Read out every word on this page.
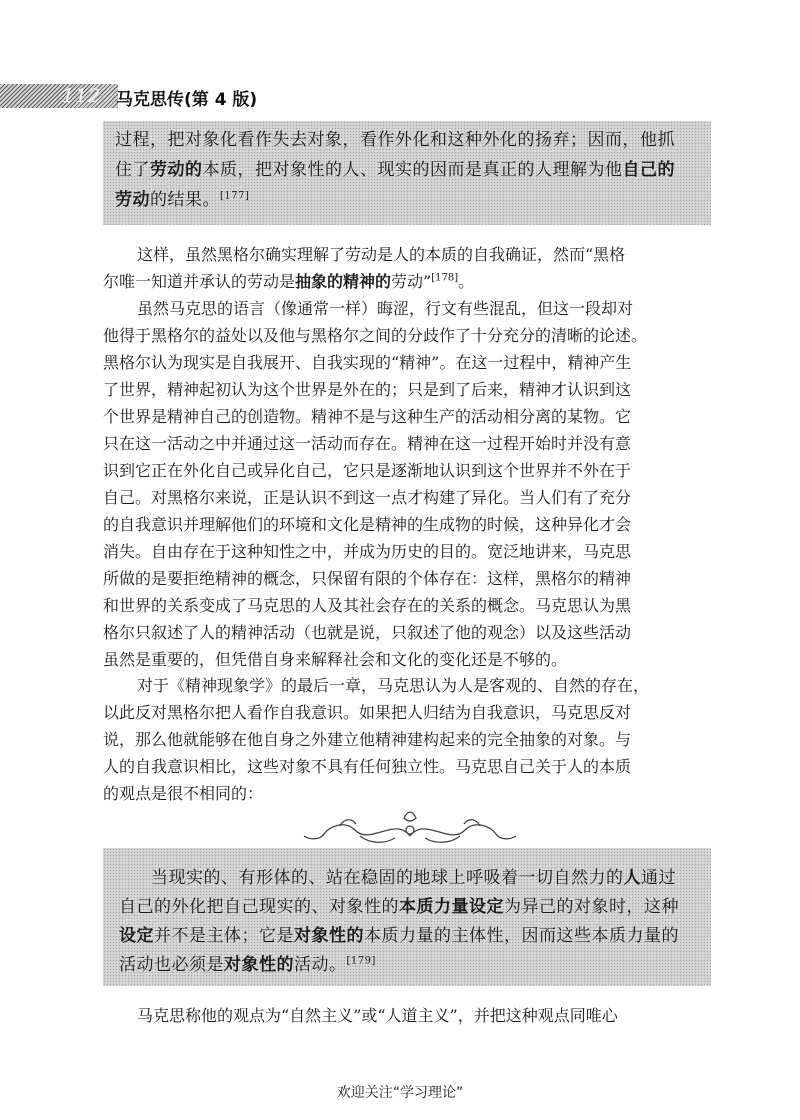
112 马克思传(第 4 版)
过程，把对象化看作失去对象，看作外化和这种外化的扬弃；因而，他抓
住了劳动的本质，把对象性的人、现实的因而是真正的人理解为他自己的
劳动的结果。[177]
这样，虽然黑格尔确实理解了劳动是人的本质的自我确证，然而“黑格
尔唯一知道并承认的劳动是抽象的精神的劳动”[178]。
虽然马克思的语言（像通常一样）晦涩，行文有些混乱，但这一段却对
他得于黑格尔的益处以及他与黑格尔之间的分歧作了十分充分的清晰的论述。
黑格尔认为现实是自我展开、自我实现的“精神”。在这一过程中，精神产生
了世界，精神起初认为这个世界是外在的；只是到了后来，精神才认识到这
个世界是精神自己的创造物。精神不是与这种生产的活动相分离的某物。它
只在这一活动之中并通过这一活动而存在。精神在这一过程开始时并没有意
识到它正在外化自己或异化自己，它只是逐渐地认识到这个世界并不外在于
自己。对黑格尔来说，正是认识不到这一点才构建了异化。当人们有了充分
的自我意识并理解他们的环境和文化是精神的生成物的时候，这种异化才会
消失。自由存在于这种知性之中，并成为历史的目的。宽泛地讲来，马克思
所做的是要拒绝精神的概念，只保留有限的个体存在：这样，黑格尔的精神
和世界的关系变成了马克思的人及其社会存在的关系的概念。马克思认为黑
格尔只叙述了人的精神活动（也就是说，只叙述了他的观念）以及这些活动
虽然是重要的，但凭借自身来解释社会和文化的变化还是不够的。
对于《精神现象学》的最后一章，马克思认为人是客观的、自然的存在，
以此反对黑格尔把人看作自我意识。如果把人归结为自我意识，马克思反对
说，那么他就能够在他自身之外建立他精神建构起来的完全抽象的对象。与
人的自我意识相比，这些对象不具有任何独立性。马克思自己关于人的本质
的观点是很不相同的：
当现实的、有形体的、站在稳固的地球上呼吸着一切自然力的人通过
自己的外化把自己现实的、对象性的本质力量设定为异己的对象时，这种
设定并不是主体；它是对象性的本质力量的主体性，因而这些本质力量的
活动也必须是对象性的活动。[179]
马克思称他的观点为“自然主义”或“人道主义”，并把这种观点同唯心
欢迎关注“学习理论”
